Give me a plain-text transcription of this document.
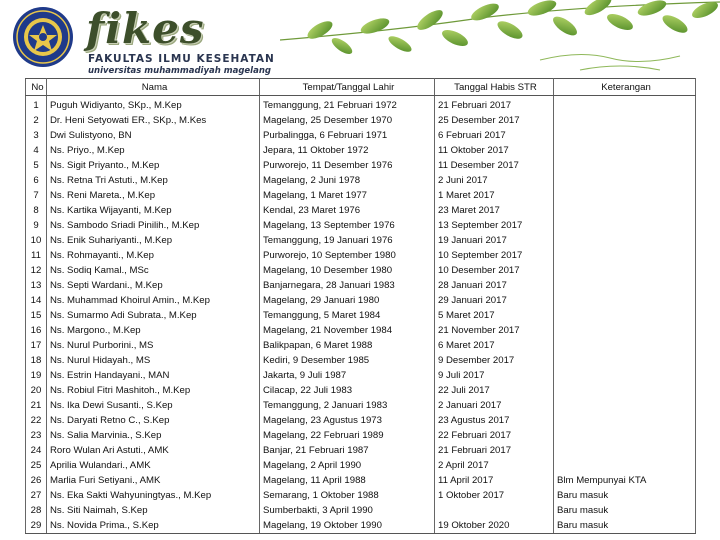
fikes
FAKULTAS ILMU KESEHATAN
universitas muhammadiyah magelang
No	Nama	Tempat/Tanggal Lahir	Tanggal Habis STR	Keterangan
1	Puguh Widiyanto, SKp., M.Kep	Temanggung, 21 Februari 1972	21 Februari 2017	
2	Dr. Heni Setyowati ER., SKp., M.Kes	Magelang, 25 Desember 1970	25 Desember 2017	
3	Dwi Sulistyono, BN	Purbalingga, 6 Februari 1971	6 Februari 2017	
4	Ns. Priyo., M.Kep	Jepara, 11 Oktober 1972	11 Oktober 2017	
5	Ns. Sigit Priyanto., M.Kep	Purworejo, 11 Desember 1976	11 Desember 2017	
6	Ns. Retna Tri Astuti., M.Kep	Magelang, 2 Juni 1978	2 Juni 2017	
7	Ns. Reni Mareta., M.Kep	Magelang, 1 Maret 1977	1 Maret 2017	
8	Ns. Kartika Wijayanti, M.Kep	Kendal, 23 Maret 1976	23 Maret 2017	
9	Ns. Sambodo Sriadi Pinilih., M.Kep	Magelang, 13 September 1976	13 September 2017	
10	Ns. Enik Suhariyanti., M.Kep	Temanggung, 19 Januari 1976	19 Januari 2017	
11	Ns. Rohmayanti., M.Kep	Purworejo, 10 September 1980	10 September 2017	
12	Ns. Sodiq Kamal., MSc	Magelang, 10 Desember 1980	10 Desember 2017	
13	Ns. Septi Wardani., M.Kep	Banjarnegara, 28 Januari 1983	28 Januari 2017	
14	Ns. Muhammad Khoirul Amin., M.Kep	Magelang, 29 Januari 1980	29 Januari 2017	
15	Ns. Sumarmo Adi Subrata., M.Kep	Temanggung, 5 Maret 1984	5 Maret 2017	
16	Ns. Margono., M.Kep	Magelang, 21 November 1984	21 November 2017	
17	Ns. Nurul Purborini., MS	Balikpapan, 6 Maret 1988	6 Maret 2017	
18	Ns. Nurul Hidayah., MS	Kediri, 9 Desember 1985	9 Desember 2017	
19	Ns. Estrin Handayani., MAN	Jakarta, 9 Juli 1987	9 Juli 2017	
20	Ns. Robiul Fitri Mashitoh., M.Kep	Cilacap, 22 Juli 1983	22 Juli 2017	
21	Ns. Ika Dewi Susanti., S.Kep	Temanggung, 2 Januari 1983	2 Januari 2017	
22	Ns. Daryati Retno C., S.Kep	Magelang, 23 Agustus 1973	23 Agustus 2017	
23	Ns. Salia Marvinia., S.Kep	Magelang, 22 Februari 1989	22 Februari 2017	
24	Roro Wulan Ari Astuti., AMK	Banjar, 21 Februari 1987	21 Februari 2017	
25	Aprilia Wulandari., AMK	Magelang, 2 April 1990	2 April 2017	
26	Marlia Furi Setiyani., AMK	Magelang, 11 April 1988	11 April 2017	Blm Mempunyai KTA
27	Ns. Eka Sakti Wahyuningtyas., M.Kep	Semarang, 1 Oktober 1988	1 Oktober 2017	Baru masuk
28	Ns. Siti Naimah, S.Kep	Sumberbakti, 3 April 1990		Baru masuk
29	Ns. Novida Prima., S.Kep	Magelang, 19 Oktober 1990	19 Oktober 2020	Baru masuk
